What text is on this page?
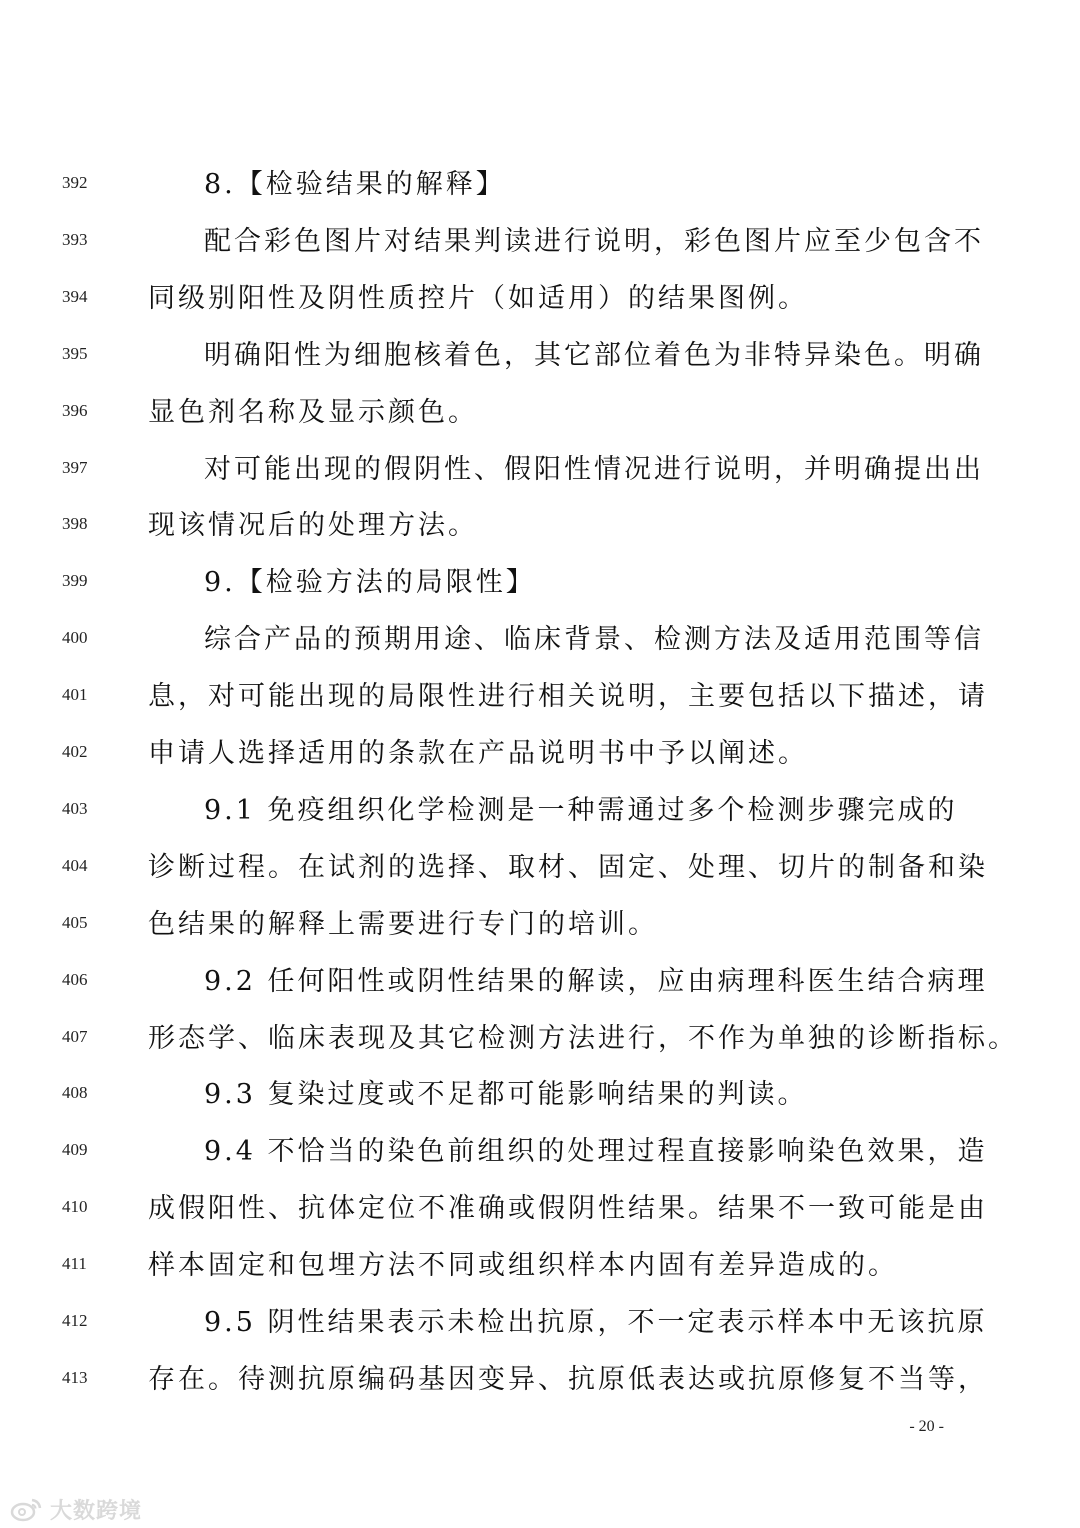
392	8.【检验结果的解释】
393	配合彩色图片对结果判读进行说明，彩色图片应至少包含不
394	同级别阳性及阴性质控片（如适用）的结果图例。
395	明确阳性为细胞核着色，其它部位着色为非特异染色。明确
396	显色剂名称及显示颜色。
397	对可能出现的假阴性、假阳性情况进行说明，并明确提出出
398	现该情况后的处理方法。
399	9.【检验方法的局限性】
400	综合产品的预期用途、临床背景、检测方法及适用范围等信
401	息，对可能出现的局限性进行相关说明，主要包括以下描述，请
402	申请人选择适用的条款在产品说明书中予以阐述。
403	9.1 免疫组织化学检测是一种需通过多个检测步骤完成的
404	诊断过程。在试剂的选择、取材、固定、处理、切片的制备和染
405	色结果的解释上需要进行专门的培训。
406	9.2 任何阳性或阴性结果的解读，应由病理科医生结合病理
407	形态学、临床表现及其它检测方法进行，不作为单独的诊断指标。
408	9.3 复染过度或不足都可能影响结果的判读。
409	9.4 不恰当的染色前组织的处理过程直接影响染色效果，造
410	成假阳性、抗体定位不准确或假阴性结果。结果不一致可能是由
411	样本固定和包埋方法不同或组织样本内固有差异造成的。
412	9.5 阴性结果表示未检出抗原，不一定表示样本中无该抗原
413	存在。待测抗原编码基因变异、抗原低表达或抗原修复不当等，
- 20 -
大数跨境
